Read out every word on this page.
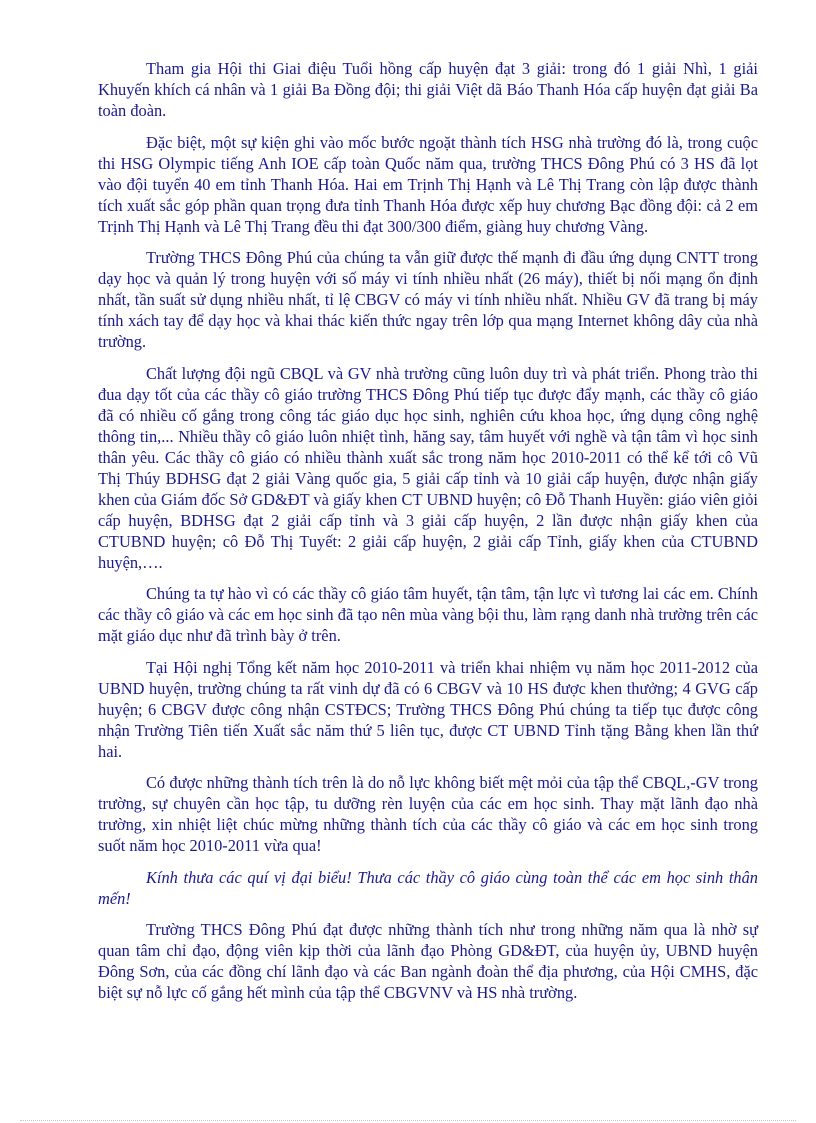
Tham gia Hội thi Giai điệu Tuổi hồng cấp huyện đạt 3 giải: trong đó 1 giải Nhì, 1 giải Khuyến khích cá nhân và 1 giải Ba Đồng đội; thi giải Việt dã Báo Thanh Hóa cấp huyện đạt giải Ba toàn đoàn.

Đặc biệt, một sự kiện ghi vào mốc bước ngoặt thành tích HSG nhà trường đó là, trong cuộc thi HSG Olympic tiếng Anh IOE cấp toàn Quốc năm qua, trường THCS Đông Phú có 3 HS đã lọt vào đội tuyển 40 em tỉnh Thanh Hóa. Hai em Trịnh Thị Hạnh và Lê Thị Trang còn lập được thành tích xuất sắc góp phần quan trọng đưa tỉnh Thanh Hóa được xếp huy chương Bạc đồng đội: cả 2 em Trịnh Thị Hạnh và Lê Thị Trang đều thi đạt 300/300 điểm, giàng huy chương Vàng.

Trường THCS Đông Phú của chúng ta vẫn giữ được thế mạnh đi đầu ứng dụng CNTT trong dạy học và quản lý trong huyện với số máy vi tính nhiều nhất (26 máy), thiết bị nối mạng ổn định nhất, tần suất sử dụng nhiều nhất, tỉ lệ CBGV có máy vi tính nhiều nhất. Nhiều GV đã trang bị máy tính xách tay để dạy học và khai thác kiến thức ngay trên lớp qua mạng Internet không dây của nhà trường.

Chất lượng đội ngũ CBQL và GV nhà trường cũng luôn duy trì và phát triển. Phong trào thi đua dạy tốt của các thầy cô giáo trường THCS Đông Phú tiếp tục được đẩy mạnh, các thầy cô giáo đã có nhiều cố gắng trong công tác giáo dục học sinh, nghiên cứu khoa học, ứng dụng công nghệ thông tin,... Nhiều thầy cô giáo luôn nhiệt tình, hăng say, tâm huyết với nghề và tận tâm vì học sinh thân yêu. Các thầy cô giáo có nhiều thành xuất sắc trong năm học 2010-2011 có thể kể tới cô Vũ Thị Thúy BDHSG đạt 2 giải Vàng quốc gia, 5 giải cấp tỉnh và 10 giải cấp huyện, được nhận giấy khen của Giám đốc Sở GD&ĐT và giấy khen CT UBND huyện; cô Đỗ Thanh Huyền: giáo viên giỏi cấp huyện, BDHSG đạt 2 giải cấp tỉnh và 3 giải cấp huyện, 2 lần được nhận giấy khen của CTUBND huyện; cô Đỗ Thị Tuyết: 2 giải cấp huyện, 2 giải cấp Tỉnh, giấy khen của CTUBND huyện,….

Chúng ta tự hào vì có các thầy cô giáo tâm huyết, tận tâm, tận lực vì tương lai các em. Chính các thầy cô giáo và các em học sinh đã tạo nên mùa vàng bội thu, làm rạng danh nhà trường trên các mặt giáo dục như đã trình bày ở trên.

Tại Hội nghị Tổng kết năm học 2010-2011 và triển khai nhiệm vụ năm học 2011-2012 của UBND huyện, trường chúng ta rất vinh dự đã có 6 CBGV và 10 HS được khen thưởng; 4 GVG cấp huyện; 6 CBGV được công nhận CSTĐCS; Trường THCS Đông Phú chúng ta tiếp tục được công nhận Trường Tiên tiến Xuất sắc năm thứ 5 liên tục, được CT UBND Tỉnh tặng Bằng khen lần thứ hai.

Có được những thành tích trên là do nỗ lực không biết mệt mỏi của tập thể CBQL,-GV trong trường, sự chuyên cần học tập, tu dưỡng rèn luyện của các em học sinh. Thay mặt lãnh đạo nhà trường, xin nhiệt liệt chúc mừng những thành tích của các thầy cô giáo và các em học sinh trong suốt năm học 2010-2011 vừa qua!

Kính thưa các quí vị đại biểu! Thưa các thầy cô giáo cùng toàn thể các em học sinh thân mến!

Trường THCS Đông Phú đạt được những thành tích như trong những năm qua là nhờ sự quan tâm chỉ đạo, động viên kịp thời của lãnh đạo Phòng GD&ĐT, của huyện ủy, UBND huyện Đông Sơn, của các đồng chí lãnh đạo và các Ban ngành đoàn thể địa phương, của Hội CMHS, đặc biệt sự nỗ lực cố gắng hết mình của tập thể CBGVNV và HS nhà trường.
